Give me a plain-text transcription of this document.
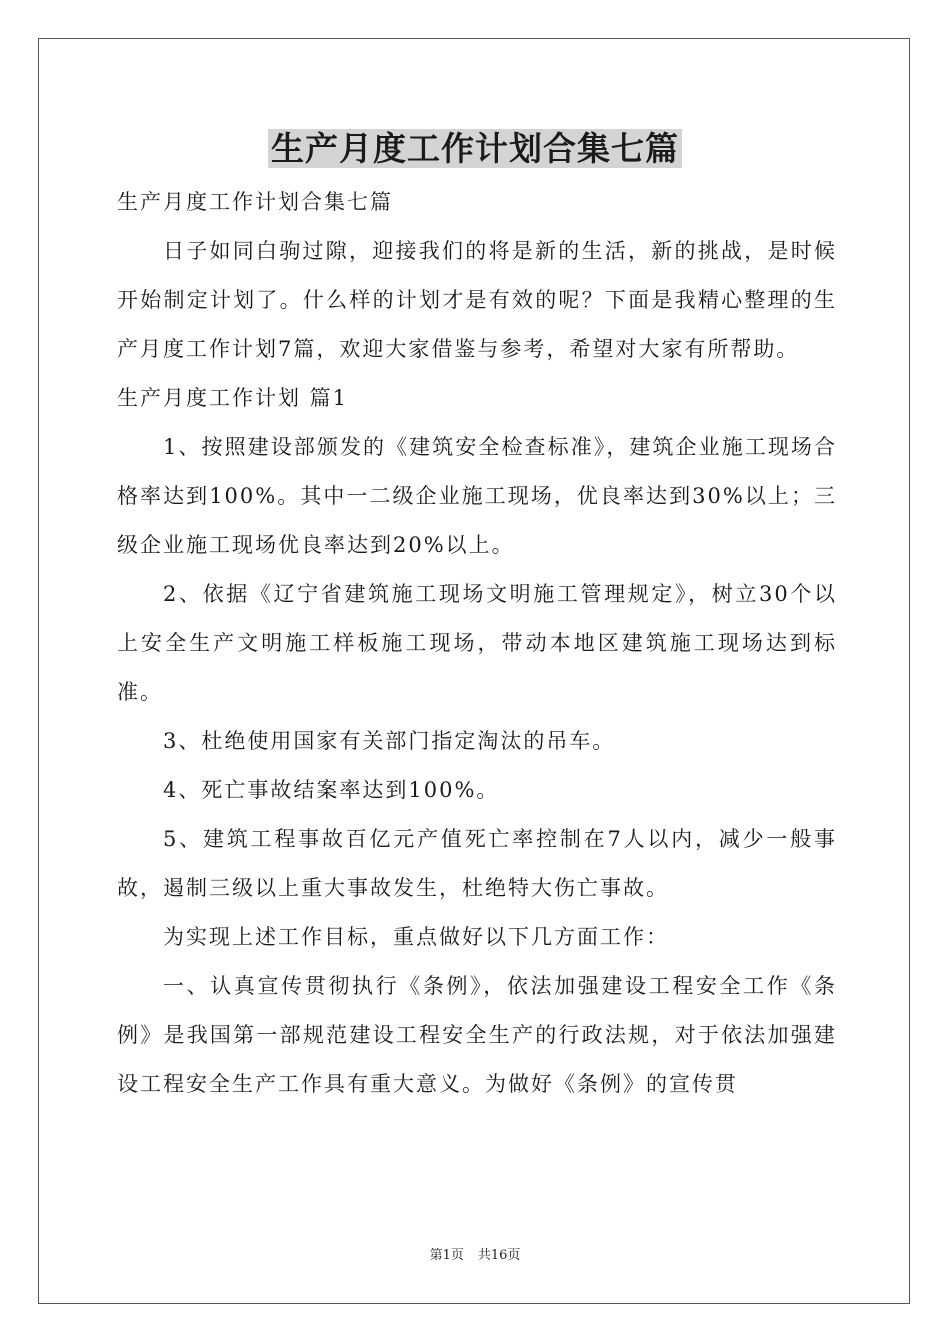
生产月度工作计划合集七篇

生产月度工作计划合集七篇

日子如同白驹过隙，迎接我们的将是新的生活，新的挑战，是时候开始制定计划了。什么样的计划才是有效的呢？下面是我精心整理的生产月度工作计划7篇，欢迎大家借鉴与参考，希望对大家有所帮助。

生产月度工作计划 篇1

1、按照建设部颁发的《建筑安全检查标准》，建筑企业施工现场合格率达到100%。其中一二级企业施工现场，优良率达到30%以上；三级企业施工现场优良率达到20%以上。

2、依据《辽宁省建筑施工现场文明施工管理规定》，树立30个以上安全生产文明施工样板施工现场，带动本地区建筑施工现场达到标准。

3、杜绝使用国家有关部门指定淘汰的吊车。

4、死亡事故结案率达到100%。

5、建筑工程事故百亿元产值死亡率控制在7人以内，减少一般事故，遏制三级以上重大事故发生，杜绝特大伤亡事故。

为实现上述工作目标，重点做好以下几方面工作：

一、认真宣传贯彻执行《条例》，依法加强建设工程安全工作《条例》是我国第一部规范建设工程安全生产的行政法规，对于依法加强建设工程安全生产工作具有重大意义。为做好《条例》的宣传贯

第1页 共16页
